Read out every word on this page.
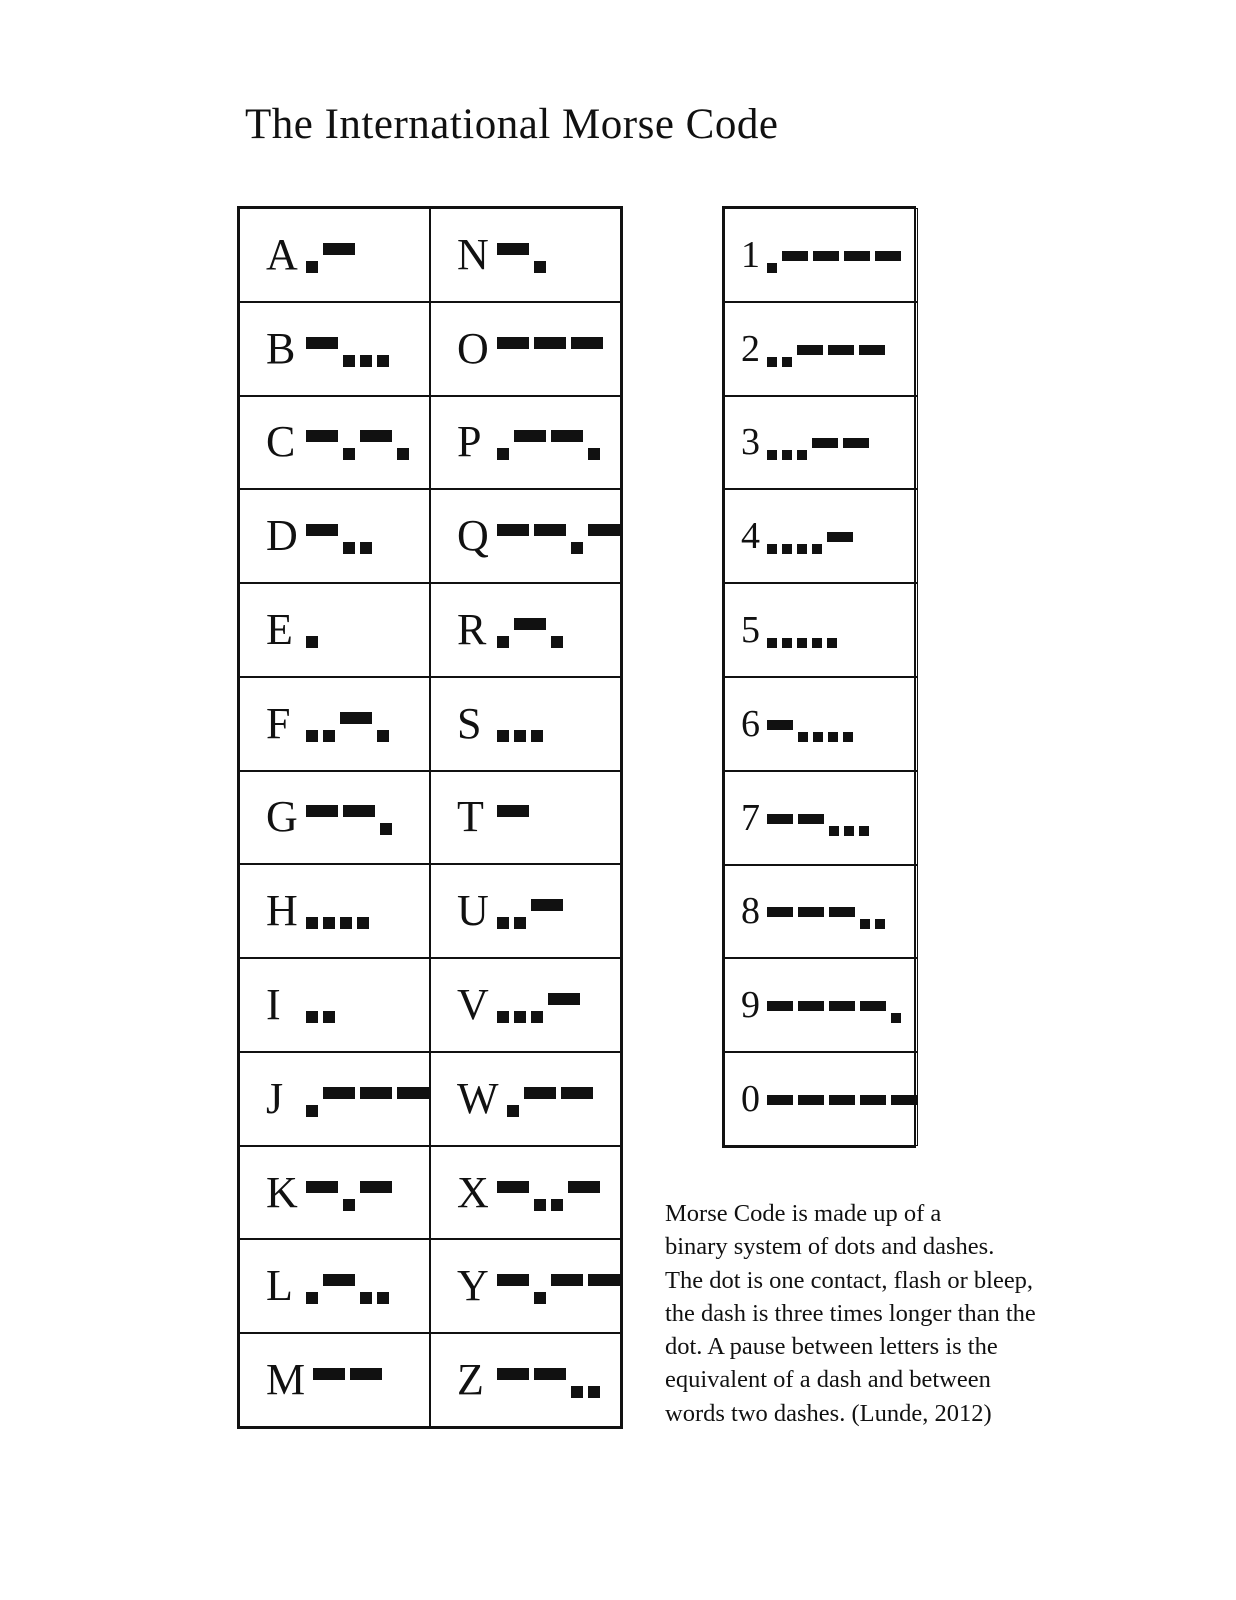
The International Morse Code
A
B
C
D
E
F
G
H
I
J
K
L
M
N
O
P
Q
R
S
T
U
V
W
X
Y
Z
1
2
3
4
5
6
7
8
9
0
Morse Code is made up of a
binary system of dots and dashes.
The dot is one contact, flash or bleep,
the dash is three times longer than the
dot. A pause between letters is the
equivalent of a dash and between
words two dashes. (Lunde, 2012)
